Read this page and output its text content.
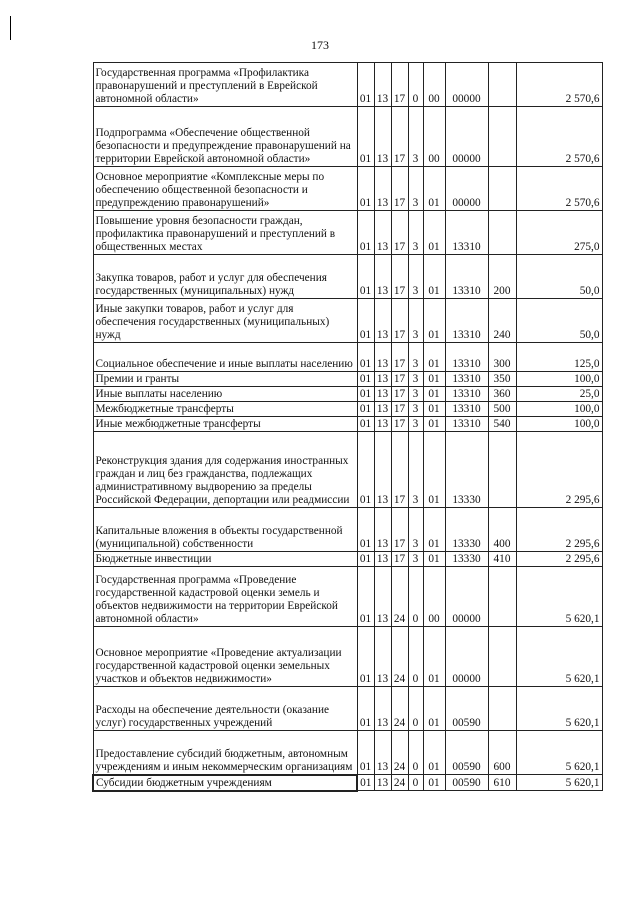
173
Государственная программа «Профилактика правонарушений и преступлений в Еврейской автономной области»	01	13	17	0	00	00000		2 570,6
Подпрограмма «Обеспечение общественной безопасности и предупреждение правонарушений на территории Еврейской автономной области»	01	13	17	3	00	00000		2 570,6
Основное мероприятие «Комплексные меры по обеспечению общественной безопасности и предупреждению правонарушений»	01	13	17	3	01	00000		2 570,6
Повышение уровня безопасности граждан, профилактика правонарушений и преступлений в общественных местах	01	13	17	3	01	13310		275,0
Закупка товаров, работ и услуг для обеспечения государственных (муниципальных) нужд	01	13	17	3	01	13310	200	50,0
Иные закупки товаров, работ и услуг для обеспечения государственных (муниципальных) нужд	01	13	17	3	01	13310	240	50,0
Социальное обеспечение и иные выплаты населению	01	13	17	3	01	13310	300	125,0
Премии и гранты	01	13	17	3	01	13310	350	100,0
Иные выплаты населению	01	13	17	3	01	13310	360	25,0
Межбюджетные трансферты	01	13	17	3	01	13310	500	100,0
Иные межбюджетные трансферты	01	13	17	3	01	13310	540	100,0
Реконструкция здания для содержания иностранных граждан и лиц без гражданства, подлежащих административному выдворению за пределы Российской Федерации, депортации или реадмиссии	01	13	17	3	01	13330		2 295,6
Капитальные вложения в объекты государственной (муниципальной) собственности	01	13	17	3	01	13330	400	2 295,6
Бюджетные инвестиции	01	13	17	3	01	13330	410	2 295,6
Государственная программа «Проведение государственной кадастровой оценки земель и объектов недвижимости на территории Еврейской автономной области»	01	13	24	0	00	00000		5 620,1
Основное мероприятие «Проведение актуализации государственной кадастровой оценки земельных участков и объектов недвижимости»	01	13	24	0	01	00000		5 620,1
Расходы на обеспечение деятельности (оказание услуг) государственных учреждений	01	13	24	0	01	00590		5 620,1
Предоставление субсидий бюджетным, автономным учреждениям и иным некоммерческим организациям	01	13	24	0	01	00590	600	5 620,1
Субсидии бюджетным учреждениям	01	13	24	0	01	00590	610	5 620,1
